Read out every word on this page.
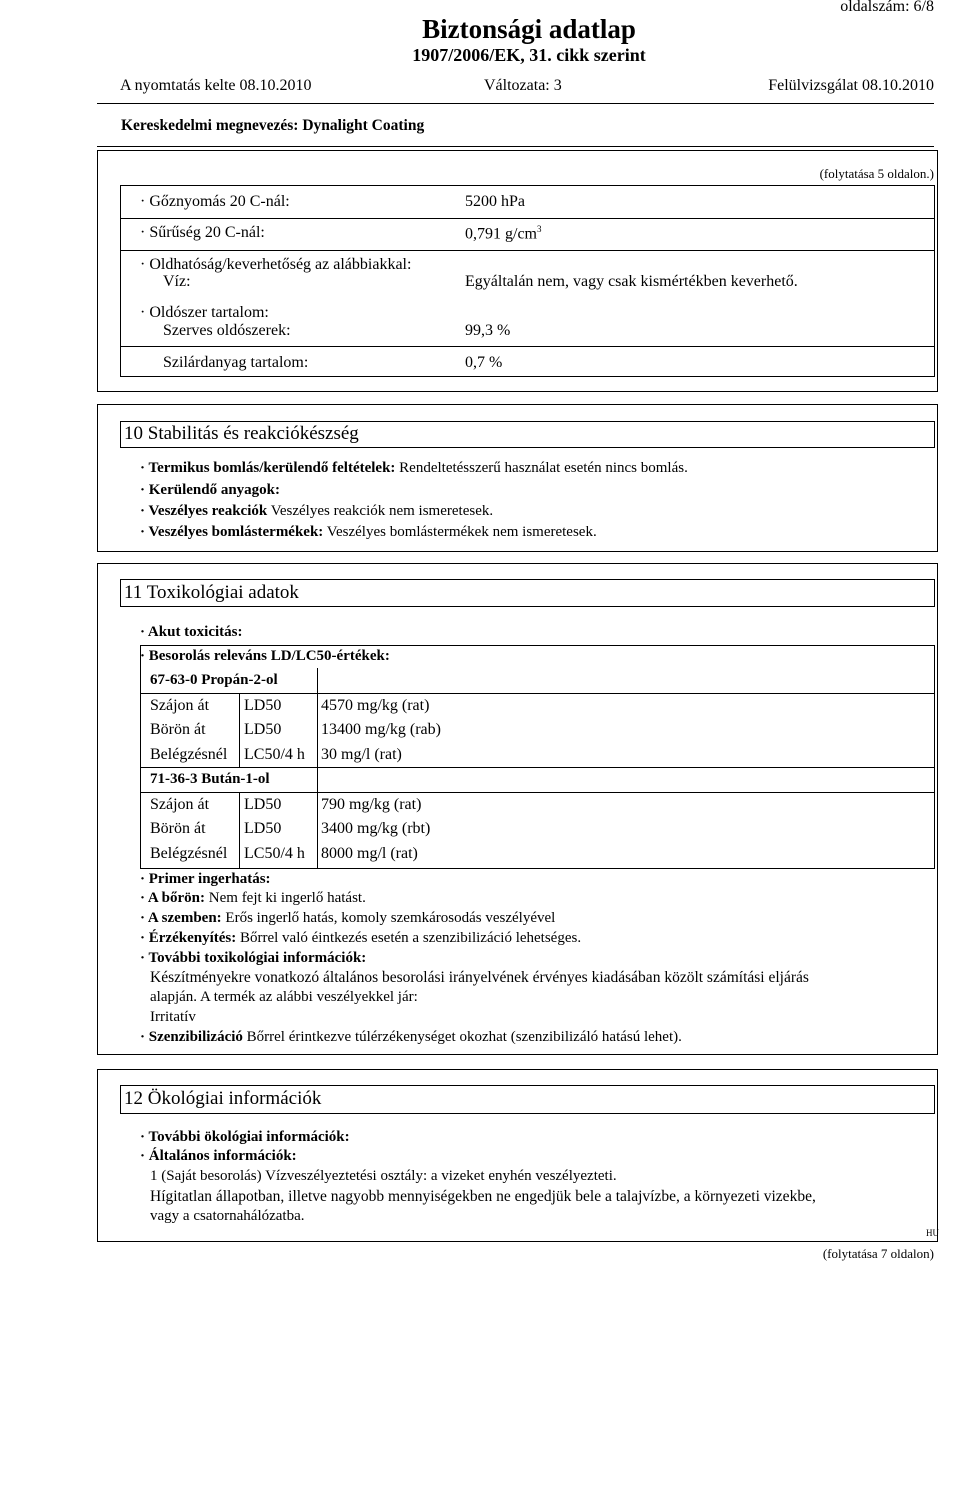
oldalszám: 6/8
Biztonsági adatlap
1907/2006/EK, 31. cikk szerint
A nyomtatás kelte 08.10.2010	Változata: 3	Felülvizsgálat 08.10.2010
Kereskedelmi megnevezés: Dynalight Coating
(folytatása 5 oldalon.)
· Gőznyomás 20 C-nál:	5200 hPa
· Sűrűség 20 C-nál:	0,791 $g/cm^3$
· Oldhatóság/keverhetőség az alábbiakkal:
Víz:	Egyáltalán nem, vagy csak kismértékben keverhető.
· Oldószer tartalom:
Szerves oldószerek:	99,3 %
Szilárdanyag tartalom:	0,7 %
10 Stabilitás és reakciókészség
· Termikus bomlás/kerülendő feltételek: Rendeltetésszerű használat esetén nincs bomlás.
· Kerülendő anyagok:
· Veszélyes reakciók Veszélyes reakciók nem ismeretesek.
· Veszélyes bomlástermékek: Veszélyes bomlástermékek nem ismeretesek.
11 Toxikológiai adatok
· Akut toxicitás:
· Besorolás releváns LD/LC50-értékek:
67-63-0 Propán-2-ol
Szájon át LD50 4570 mg/kg (rat)
Börön át LD50 13400 mg/kg (rab)
Belégzésnél LC50/4 h 30 mg/l (rat)
71-36-3 Bután-1-ol
Szájon át LD50 790 mg/kg (rat)
Börön át LD50 3400 mg/kg (rbt)
Belégzésnél LC50/4 h 8000 mg/l (rat)
· Primer ingerhatás:
· A bőrön: Nem fejt ki ingerlő hatást.
· A szemben: Erős ingerlő hatás, komoly szemkárosodás veszélyével
· Érzékenyítés: Bőrrel való éintkezés esetén a szenzibilizáció lehetséges.
· További toxikológiai információk:
Készítményekre vonatkozó általános besorolási irányelvének érvényes kiadásában közölt számítási eljárás
alapján. A termék az alábbi veszélyekkel jár:
Irritatív
· Szenzibilizáció Bőrrel érintkezve túlérzékenységet okozhat (szenzibilizáló hatású lehet).
12 Ökológiai információk
· További ökológiai információk:
· Általános információk:
1 (Saját besorolás) Vízveszélyeztetési osztály: a vizeket enyhén veszélyezteti.
Hígitatlan állapotban, illetve nagyobb mennyiségekben ne engedjük bele a talajvízbe, a környezeti vizekbe,
vagy a csatornahálózatba.
HU
(folytatása 7 oldalon)
